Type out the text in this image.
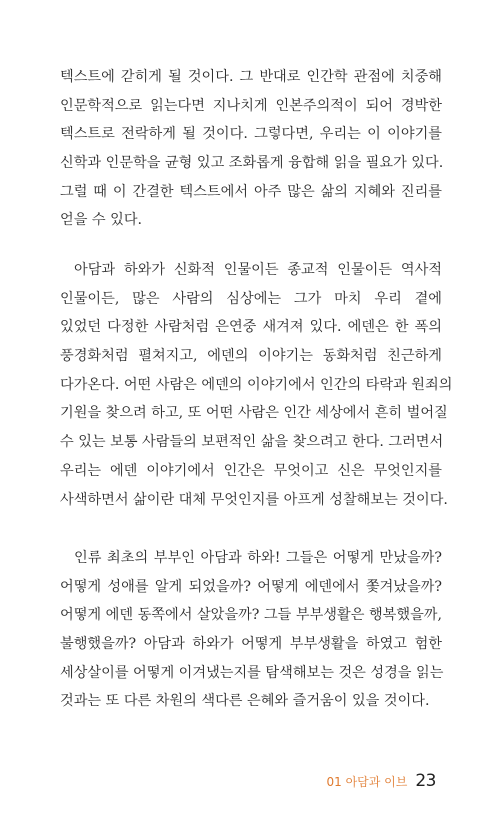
텍스트에 갇히게 될 것이다. 그 반대로 인간학 관점에 치중해
인문학적으로 읽는다면 지나치게 인본주의적이 되어 경박한
텍스트로 전락하게 될 것이다. 그렇다면, 우리는 이 이야기를
신학과 인문학을 균형 있고 조화롭게 융합해 읽을 필요가 있다.
그럴 때 이 간결한 텍스트에서 아주 많은 삶의 지혜와 진리를
얻을 수 있다.
아담과 하와가 신화적 인물이든 종교적 인물이든 역사적
인물이든, 많은 사람의 심상에는 그가 마치 우리 곁에
있었던 다정한 사람처럼 은연중 새겨져 있다. 에덴은 한 폭의
풍경화처럼 펼쳐지고, 에덴의 이야기는 동화처럼 친근하게
다가온다. 어떤 사람은 에덴의 이야기에서 인간의 타락과 원죄의
기원을 찾으려 하고, 또 어떤 사람은 인간 세상에서 흔히 벌어질
수 있는 보통 사람들의 보편적인 삶을 찾으려고 한다. 그러면서
우리는 에덴 이야기에서 인간은 무엇이고 신은 무엇인지를
사색하면서 삶이란 대체 무엇인지를 아프게 성찰해보는 것이다.
인류 최초의 부부인 아담과 하와! 그들은 어떻게 만났을까?
어떻게 성애를 알게 되었을까? 어떻게 에덴에서 쫓겨났을까?
어떻게 에덴 동쪽에서 살았을까? 그들 부부생활은 행복했을까,
불행했을까? 아담과 하와가 어떻게 부부생활을 하였고 험한
세상살이를 어떻게 이겨냈는지를 탐색해보는 것은 성경을 읽는
것과는 또 다른 차원의 색다른 은혜와 즐거움이 있을 것이다.
01 아담과 이브 23
